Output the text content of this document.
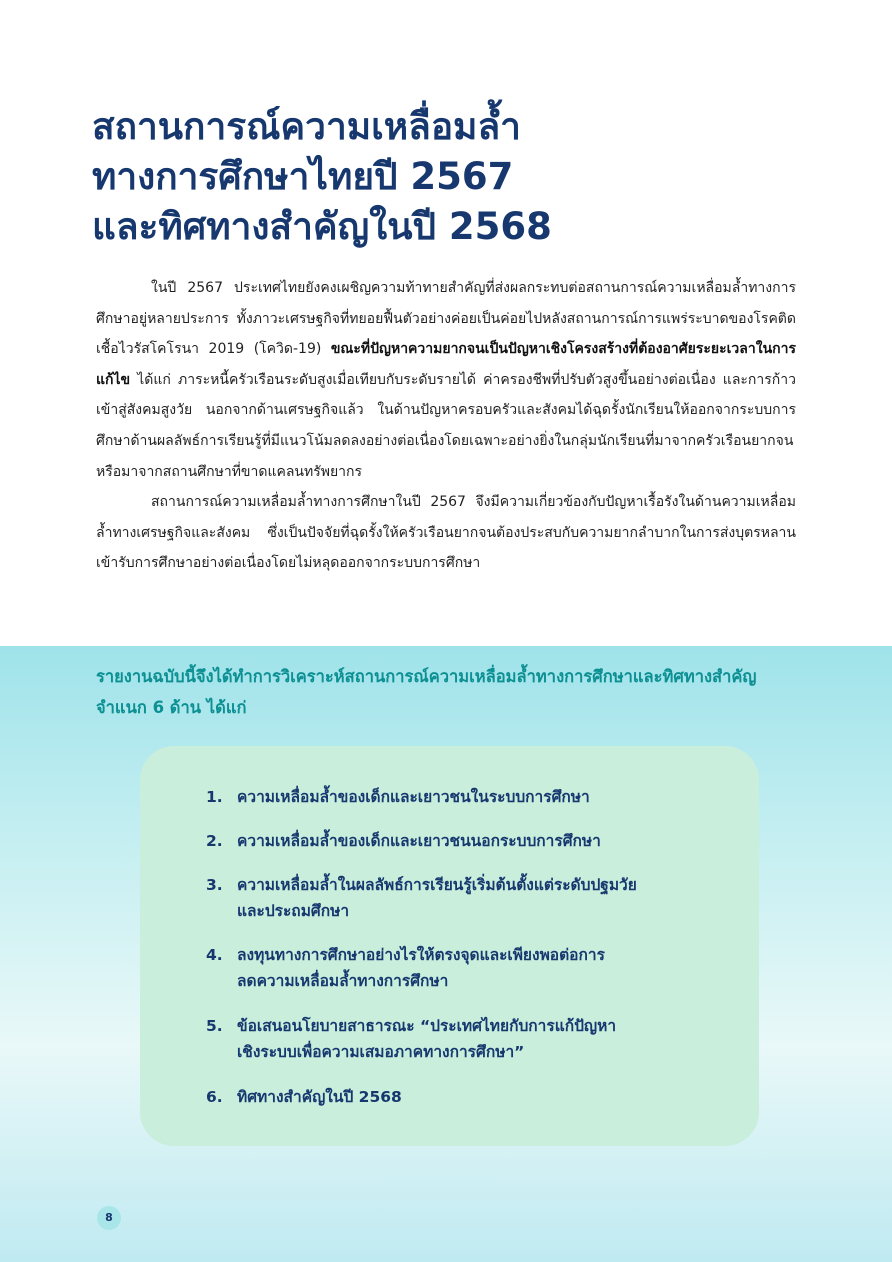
สถานการณ์ความเหลื่อมล้ำ
ทางการศึกษาไทยปี 2567
และทิศทางสำคัญในปี 2568

ในปี 2567 ประเทศไทยยังคงเผชิญความท้าทายสำคัญที่ส่งผลกระทบต่อสถานการณ์ความเหลื่อมล้ำทางการศึกษาอยู่หลายประการ ทั้งภาวะเศรษฐกิจที่ทยอยฟื้นตัวอย่างค่อยเป็นค่อยไปหลังสถานการณ์การแพร่ระบาดของโรคติดเชื้อไวรัสโคโรนา 2019 (โควิด-19) ขณะที่ปัญหาความยากจนเป็นปัญหาเชิงโครงสร้างที่ต้องอาศัยระยะเวลาในการแก้ไข ได้แก่ ภาระหนี้ครัวเรือนระดับสูงเมื่อเทียบกับระดับรายได้ ค่าครองชีพที่ปรับตัวสูงขึ้นอย่างต่อเนื่อง และการก้าวเข้าสู่สังคมสูงวัย นอกจากด้านเศรษฐกิจแล้ว ในด้านปัญหาครอบครัวและสังคมได้ฉุดรั้งนักเรียนให้ออกจากระบบการศึกษาด้านผลลัพธ์การเรียนรู้ที่มีแนวโน้มลดลงอย่างต่อเนื่องโดยเฉพาะอย่างยิ่งในกลุ่มนักเรียนที่มาจากครัวเรือนยากจนหรือมาจากสถานศึกษาที่ขาดแคลนทรัพยากร

สถานการณ์ความเหลื่อมล้ำทางการศึกษาในปี 2567 จึงมีความเกี่ยวข้องกับปัญหาเรื้อรังในด้านความเหลื่อมล้ำทางเศรษฐกิจและสังคม ซึ่งเป็นปัจจัยที่ฉุดรั้งให้ครัวเรือนยากจนต้องประสบกับความยากลำบากในการส่งบุตรหลานเข้ารับการศึกษาอย่างต่อเนื่องโดยไม่หลุดออกจากระบบการศึกษา

รายงานฉบับนี้จึงได้ทำการวิเคราะห์สถานการณ์ความเหลื่อมล้ำทางการศึกษาและทิศทางสำคัญ จำแนก 6 ด้าน ได้แก่

1. ความเหลื่อมล้ำของเด็กและเยาวชนในระบบการศึกษา
2. ความเหลื่อมล้ำของเด็กและเยาวชนนอกระบบการศึกษา
3. ความเหลื่อมล้ำในผลลัพธ์การเรียนรู้เริ่มต้นตั้งแต่ระดับปฐมวัย
และประถมศึกษา
4. ลงทุนทางการศึกษาอย่างไรให้ตรงจุดและเพียงพอต่อการ
ลดความเหลื่อมล้ำทางการศึกษา
5. ข้อเสนอนโยบายสาธารณะ “ประเทศไทยกับการแก้ปัญหา
เชิงระบบเพื่อความเสมอภาคทางการศึกษา”
6. ทิศทางสำคัญในปี 2568
8
